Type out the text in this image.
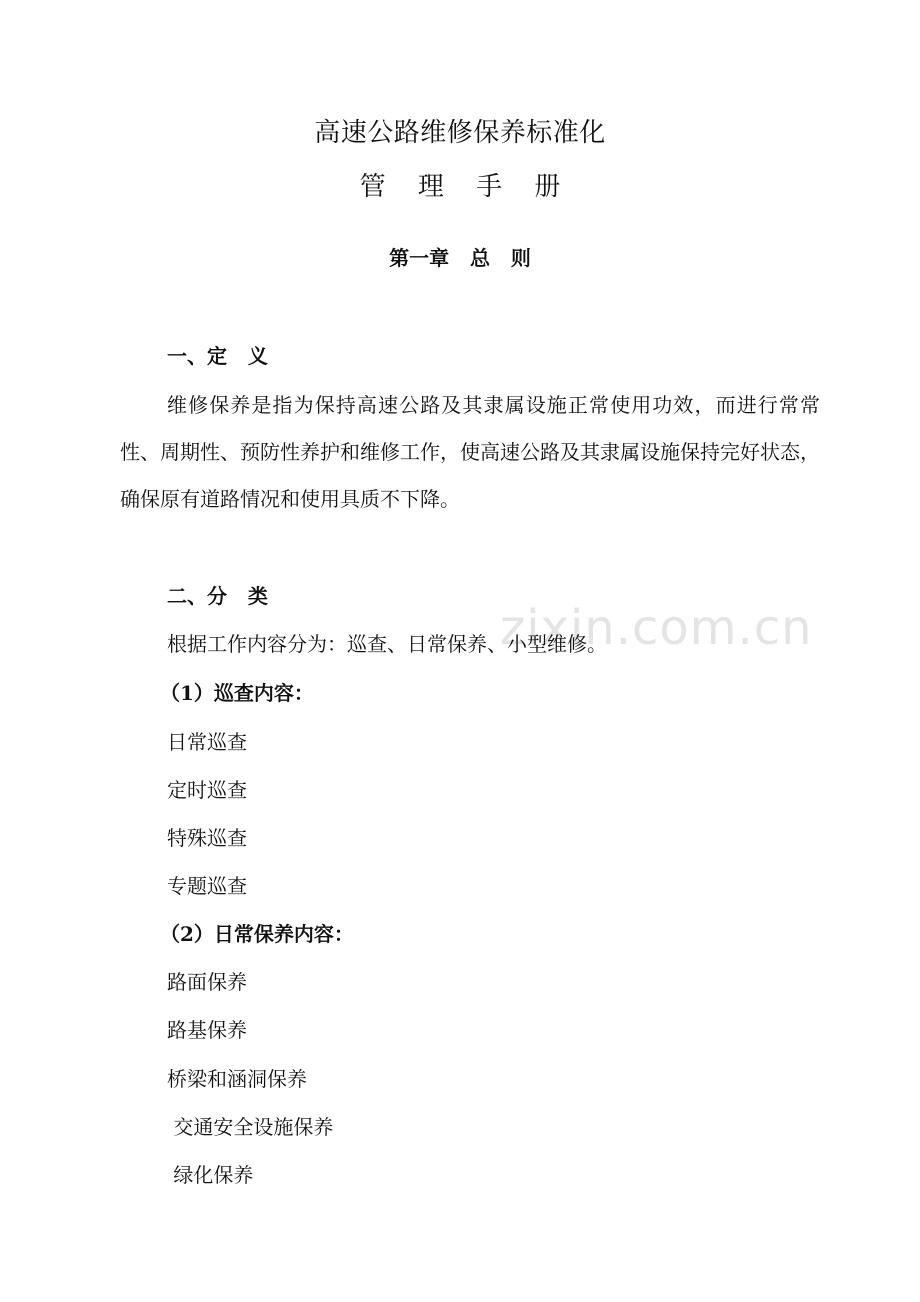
高速公路维修保养标准化
管 理 手 册
第一章   总   则
一、定   义
维修保养是指为保持高速公路及其隶属设施正常使用功效，而进行常常性、周期性、预防性养护和维修工作，使高速公路及其隶属设施保持完好状态，确保原有道路情况和使用具质不下降。
二、分   类
zixin.com.cn
根据工作内容分为：巡查、日常保养、小型维修。
（1）巡查内容：
日常巡查
定时巡查
特殊巡查
专题巡查
（2）日常保养内容：
路面保养
路基保养
桥梁和涵洞保养
交通安全设施保养
绿化保养
